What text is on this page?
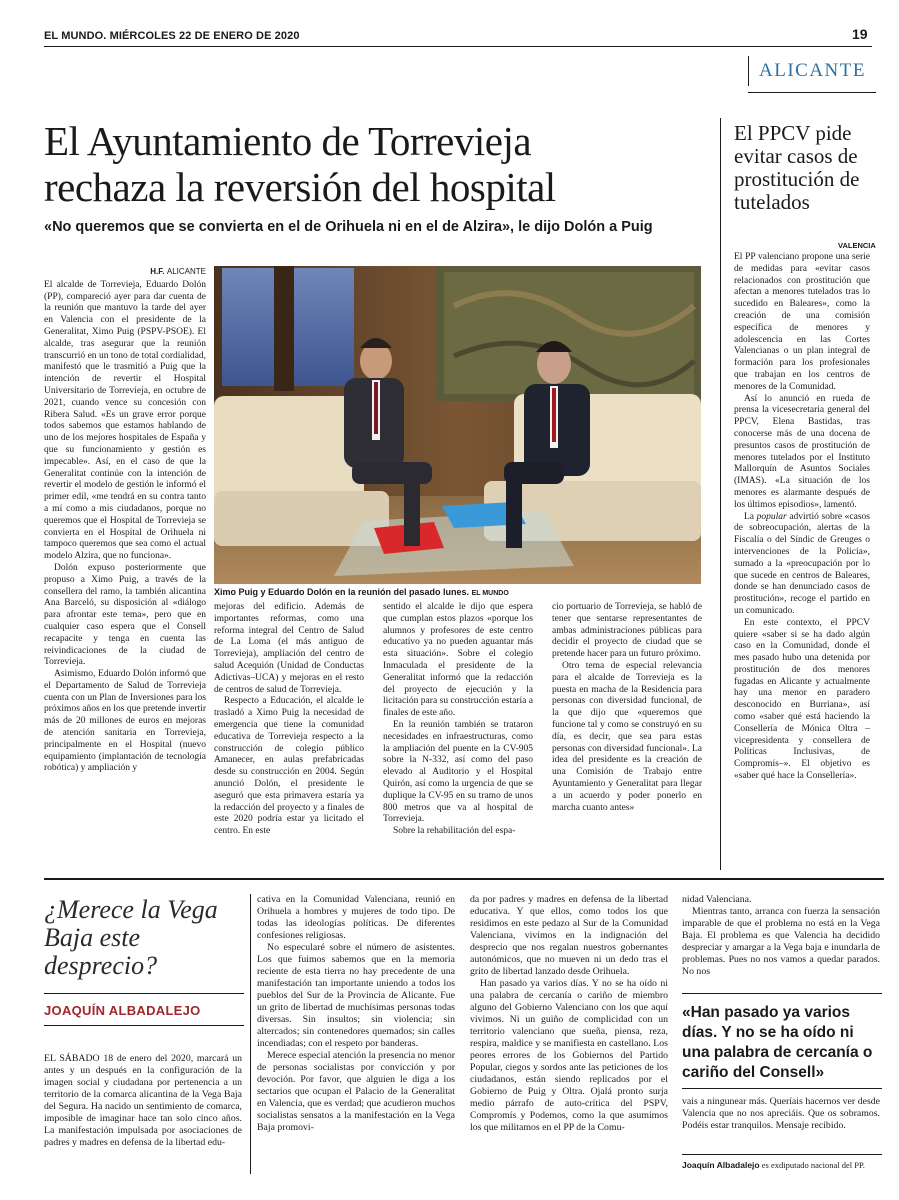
EL MUNDO. MIÉRCOLES 22 DE ENERO DE 2020	19
ALICANTE
El Ayuntamiento de Torrevieja
rechaza la reversión del hospital
«No queremos que se convierta en el de Orihuela ni en el de Alzira», le dijo Dolón a Puig
H.F. ALICANTE

El alcalde de Torrevieja, Eduardo Dolón (PP), compareció ayer para dar cuenta de la reunión que mantuvo la tarde del ayer en Valencia con el presidente de la Generalitat, Ximo Puig (PSPV-PSOE). El alcalde, tras asegurar que la reunión transcurrió en un tono de total cordialidad, manifestó que le trasmitió a Puig que la intención de revertir el Hospital Universitario de Torrevieja, en octubre de 2021, cuando vence su concesión con Ribera Salud. «Es un grave error porque todos sabemos que estamos hablando de uno de los mejores hospitales de España y que su funcionamiento y gestión es impecable». Así, en el caso de que la Generalitat continúe con la intención de revertir el modelo de gestión le informó el primer edil, «me tendrá en su contra tanto a mí como a mis ciudadanos, porque no queremos que el Hospital de Torrevieja se convierta en el Hospital de Orihuela ni tampoco queremos que sea como el actual modelo Alzira, que no funciona».

Dolón expuso posteriormente que propuso a Ximo Puig, a través de la consellera del ramo, la también alicantina Ana Barceló, su disposición al «diálogo para afrontar este tema», pero que en cualquier caso espera que el Consell recapacite y tenga en cuenta las reivindicaciones de la ciudad de Torrevieja.

Asimismo, Eduardo Dolón informó que el Departamento de Salud de Torrevieja cuenta con un Plan de Inversiones para los próximos años en los que pretende invertir más de 20 millones de euros en mejoras de atención sanitaria en Torrevieja, principalmente en el Hospital (nuevo equipamiento (implantación de tecnología robótica) y ampliación y

Ximo Puig y Eduardo Dolón en la reunión del pasado lunes. EL MUNDO

mejoras del edificio. Además de importantes reformas, como una reforma integral del Centro de Salud de La Loma (el más antiguo de Torrevieja), ampliación del centro de salud Acequión (Unidad de Conductas Adictivas–UCA) y mejoras en el resto de centros de salud de Torrevieja.

Respecto a Educación, el alcalde le trasladó a Ximo Puig la necesidad de emergencia que tiene la comunidad educativa de Torrevieja respecto a la construcción de colegio público Amanecer, en aulas prefabricadas desde su construcción en 2004. Según anunció Dolón, el presidente le aseguró que esta primavera estaría ya la redacción del proyecto y a finales de este 2020 podría estar ya licitado el centro. En este

sentido el alcalde le dijo que espera que cumplan estos plazos «porque los alumnos y profesores de este centro educativo ya no pueden aguantar más esta situación». Sobre el colegio Inmaculada el presidente de la Generalitat informó que la redacción del proyecto de ejecución y la licitación para su construcción estaría a finales de este año.

En la reunión también se trataron necesidades en infraestructuras, como la ampliación del puente en la CV-905 sobre la N-332, así como del paso elevado al Auditorio y el Hospital Quirón, así como la urgencia de que se duplique la CV-95 en su tramo de unos 800 metros que va al hospital de Torrevieja.

Sobre la rehabilitación del espa-

cio portuario de Torrevieja, se habló de tener que sentarse representantes de ambas administraciones públicas para decidir el proyecto de ciudad que se pretende hacer para un futuro próximo.

Otro tema de especial relevancia para el alcalde de Torrevieja es la puesta en macha de la Residencia para personas con diversidad funcional, de la que dijo que «queremos que funcione tal y como se construyó en su día, es decir, que sea para estas personas con diversidad funcional». La idea del presidente es la creación de una Comisión de Trabajo entre Ayuntamiento y Generalitat para llegar a un acuerdo y poder ponerlo en marcha cuanto antes»

El PPCV pide evitar casos de prostitución de tutelados
VALENCIA

El PP valenciano propone una serie de medidas para «evitar casos relacionados con prostitución que afectan a menores tutelados tras lo sucedido en Baleares», como la creación de una comisión específica de menores y adolescencia en las Cortes Valencianas o un plan integral de formación para los profesionales que trabajan en los centros de menores de la Comunidad.

Así lo anunció en rueda de prensa la vicesecretaria general del PPCV, Elena Bastidas, tras conocerse más de una docena de presuntos casos de prostitución de menores tutelados por el Instituto Mallorquín de Asuntos Sociales (IMAS). «La situación de los menores es alarmante después de los últimos episodios», lamentó.

La popular advirtió sobre «casos de sobreocupación, alertas de la Fiscalía o del Síndic de Greuges o intervenciones de la Policía», sumado a la «preocupación por lo que sucede en centros de Baleares, donde se han denunciado casos de prostitución», recoge el partido en un comunicado.

En este contexto, el PPCV quiere «saber si se ha dado algún caso en la Comunidad, donde el mes pasado hubo una detenida por prostitución de dos menores fugadas en Alicante y actualmente hay una menor en paradero desconocido en Burriana», así como «saber qué está haciendo la Consellería de Mónica Oltra –vicepresidenta y consellera de Políticas Inclusivas, de Compromís–». El objetivo es «saber qué hace la Consellería».

¿Merece la Vega Baja este desprecio?
JOAQUÍN ALBADALEJO

EL SÁBADO 18 de enero del 2020, marcará un antes y un después en la configuración de la imagen social y ciudadana por pertenencia a un territorio de la comarca alicantina de la Vega Baja del Segura. Ha nacido un sentimiento de comarca, imposible de imaginar hace tan solo cinco años. La manifestación impulsada por asociaciones de padres y madres en defensa de la libertad edu-

cativa en la Comunidad Valenciana, reunió en Orihuela a hombres y mujeres de todo tipo. De todas las ideologías políticas. De diferentes confesiones religiosas.

No especularé sobre el número de asistentes. Los que fuimos sabemos que en la memoria reciente de esta tierra no hay precedente de una manifestación tan importante uniendo a todos los pueblos del Sur de la Provincia de Alicante. Fue un grito de libertad de muchísimas personas todas diversas. Sin insultos; sin violencia; sin altercados; sin contenedores quemados; sin calles incendiadas; con el respeto por banderas.

Merece especial atención la presencia no menor de personas socialistas por convicción y por devoción. Por favor, que alguien le diga a los sectarios que ocupan el Palacio de la Generalitat en Valencia, que es verdad; que acudieron muchos socialistas sensatos a la manifestación en la Vega Baja promovi-

da por padres y madres en defensa de la libertad educativa. Y que ellos, como todos los que residimos en este pedazo al Sur de la Comunidad Valenciana, vivimos en la indignación del desprecio que nos regalan nuestros gobernantes autonómicos, que no mueven ni un dedo tras el grito de libertad lanzado desde Orihuela.

Han pasado ya varios días. Y no se ha oído ni una palabra de cercanía o cariño de miembro alguno del Gobierno Valenciano con los que aquí vivimos. Ni un guiño de complicidad con un territorio valenciano que sueña, piensa, reza, respira, maldice y se manifiesta en castellano. Los peores errores de los Gobiernos del Partido Popular, ciegos y sordos ante las peticiones de los ciudadanos, están siendo replicados por el Gobierno de Puig y Oltra. Ojalá pronto surja medio párrafo de auto-crítica del PSPV, Compromís y Podemos, como la que asumimos los que militamos en el PP de la Comu-

nidad Valenciana.

Mientras tanto, arranca con fuerza la sensación imparable de que el problema no está en la Vega Baja. El problema es que Valencia ha decidido despreciar y amargar a la Vega baja e inundarla de problemas. Pues no nos vamos a quedar parados. No nos

«Han pasado ya varios días. Y no se ha oído ni una palabra de cercanía o cariño del Consell»

vais a ningunear más. Queríais hacernos ver desde Valencia que no nos apreciáis. Que os sobramos. Podéis estar tranquilos. Mensaje recibido.

Joaquín Albadalejo es exdiputado nacional del PP.
